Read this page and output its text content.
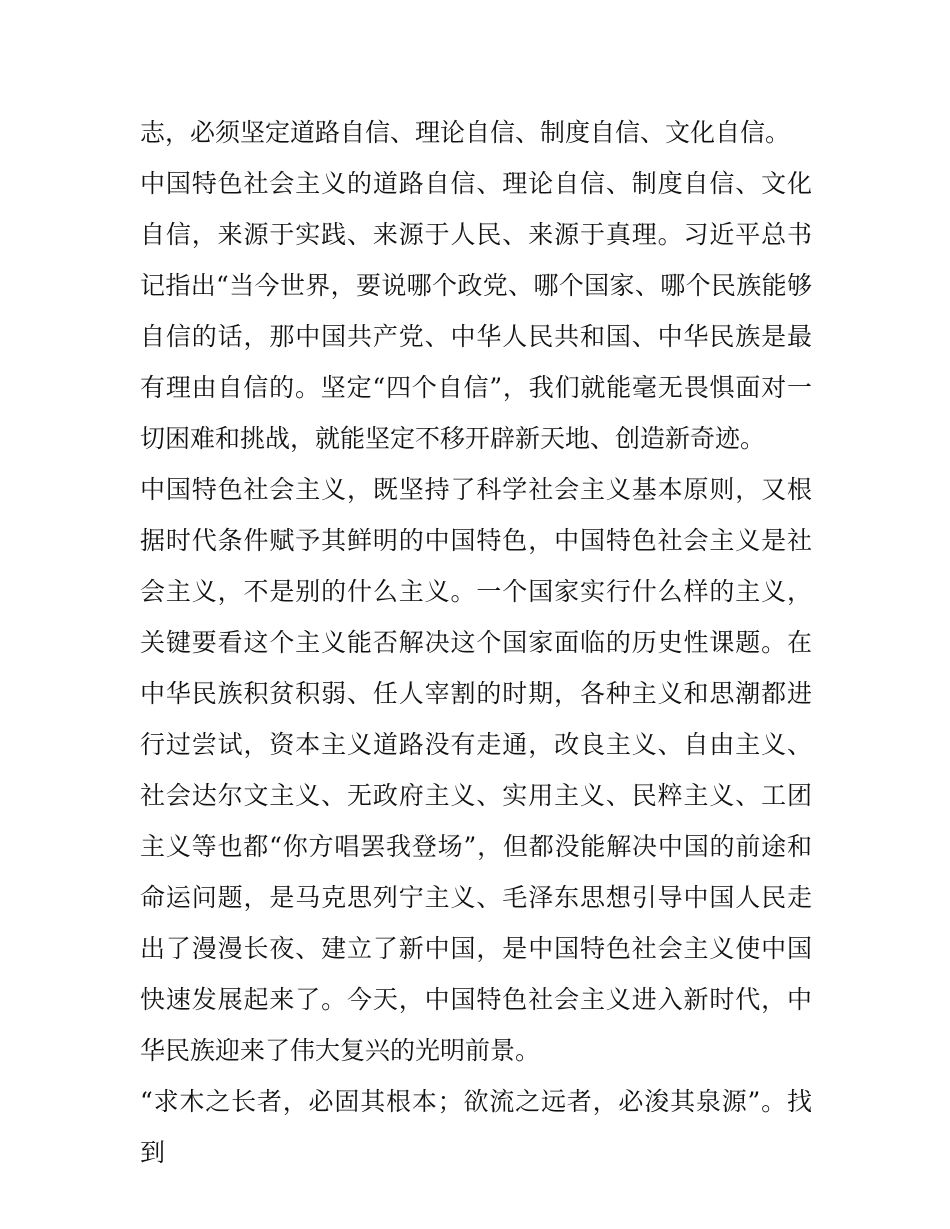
志，必须坚定道路自信、理论自信、制度自信、文化自信。

中国特色社会主义的道路自信、理论自信、制度自信、文化自信，来源于实践、来源于人民、来源于真理。习近平总书记指出“当今世界，要说哪个政党、哪个国家、哪个民族能够自信的话，那中国共产党、中华人民共和国、中华民族是最有理由自信的。坚定“四个自信”，我们就能毫无畏惧面对一切困难和挑战，就能坚定不移开辟新天地、创造新奇迹。

中国特色社会主义，既坚持了科学社会主义基本原则，又根据时代条件赋予其鲜明的中国特色，中国特色社会主义是社会主义，不是别的什么主义。一个国家实行什么样的主义，关键要看这个主义能否解决这个国家面临的历史性课题。在中华民族积贫积弱、任人宰割的时期，各种主义和思潮都进行过尝试，资本主义道路没有走通，改良主义、自由主义、社会达尔文主义、无政府主义、实用主义、民粹主义、工团主义等也都“你方唱罢我登场”，但都没能解决中国的前途和命运问题，是马克思列宁主义、毛泽东思想引导中国人民走出了漫漫长夜、建立了新中国，是中国特色社会主义使中国快速发展起来了。今天，中国特色社会主义进入新时代，中华民族迎来了伟大复兴的光明前景。

“求木之长者，必固其根本；欲流之远者，必浚其泉源”。找到
